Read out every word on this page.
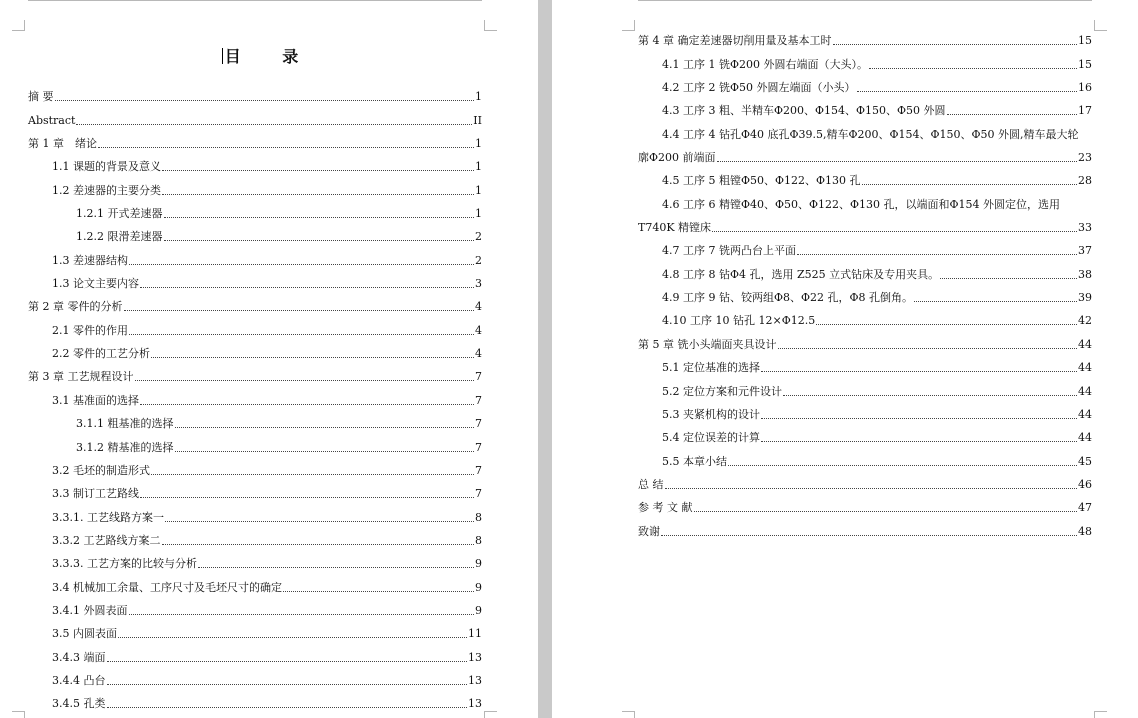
目 录
摘 要	1
Abstract	II
第 1 章　绪论	1
1.1 课题的背景及意义	1
1.2 差速器的主要分类	1
1.2.1 开式差速器	1
1.2.2 限滑差速器	2
1.3 差速器结构	2
1.3 论文主要内容	3
第 2 章 零件的分析	4
2.1 零件的作用	4
2.2 零件的工艺分析	4
第 3 章 工艺规程设计	7
3.1 基准面的选择	7
3.1.1 粗基准的选择	7
3.1.2 精基准的选择	7
3.2 毛坯的制造形式	7
3.3 制订工艺路线	7
3.3.1. 工艺线路方案一	8
3.3.2 工艺路线方案二	8
3.3.3. 工艺方案的比较与分析	9
3.4 机械加工余量、工序尺寸及毛坯尺寸的确定	9
3.4.1 外圆表面	9
3.5 内圆表面	11
3.4.3 端面	13
3.4.4 凸台	13
3.4.5 孔类	13
第 4 章 确定差速器切削用量及基本工时	15
4.1 工序 1 铣Φ200 外圆右端面（大头）。	15
4.2 工序 2 铣Φ50 外圆左端面（小头）	16
4.3 工序 3 粗、半精车Φ200、Φ154、Φ150、Φ50 外圆	17
4.4 工序 4 钻孔Φ40 底孔Φ39.5,精车Φ200、Φ154、Φ150、Φ50 外圆,精车最大轮
廓Φ200 前端面	23
4.5 工序 5 粗镗Φ50、Φ122、Φ130 孔	28
4.6 工序 6 精镗Φ40、Φ50、Φ122、Φ130 孔，以端面和Φ154 外圆定位，选用
T740K 精镗床	33
4.7 工序 7 铣两凸台上平面	37
4.8 工序 8 钻Φ4 孔，选用 Z525 立式钻床及专用夹具。	38
4.9 工序 9 钻、铰两组Φ8、Φ22 孔，Φ8 孔倒角。	39
4.10 工序 10 钻孔 12×Φ12.5	42
第 5 章 铣小头端面夹具设计	44
5.1 定位基准的选择	44
5.2 定位方案和元件设计	44
5.3 夹紧机构的设计	44
5.4 定位误差的计算	44
5.5 本章小结	45
总 结	46
参 考 文 献	47
致谢	48
